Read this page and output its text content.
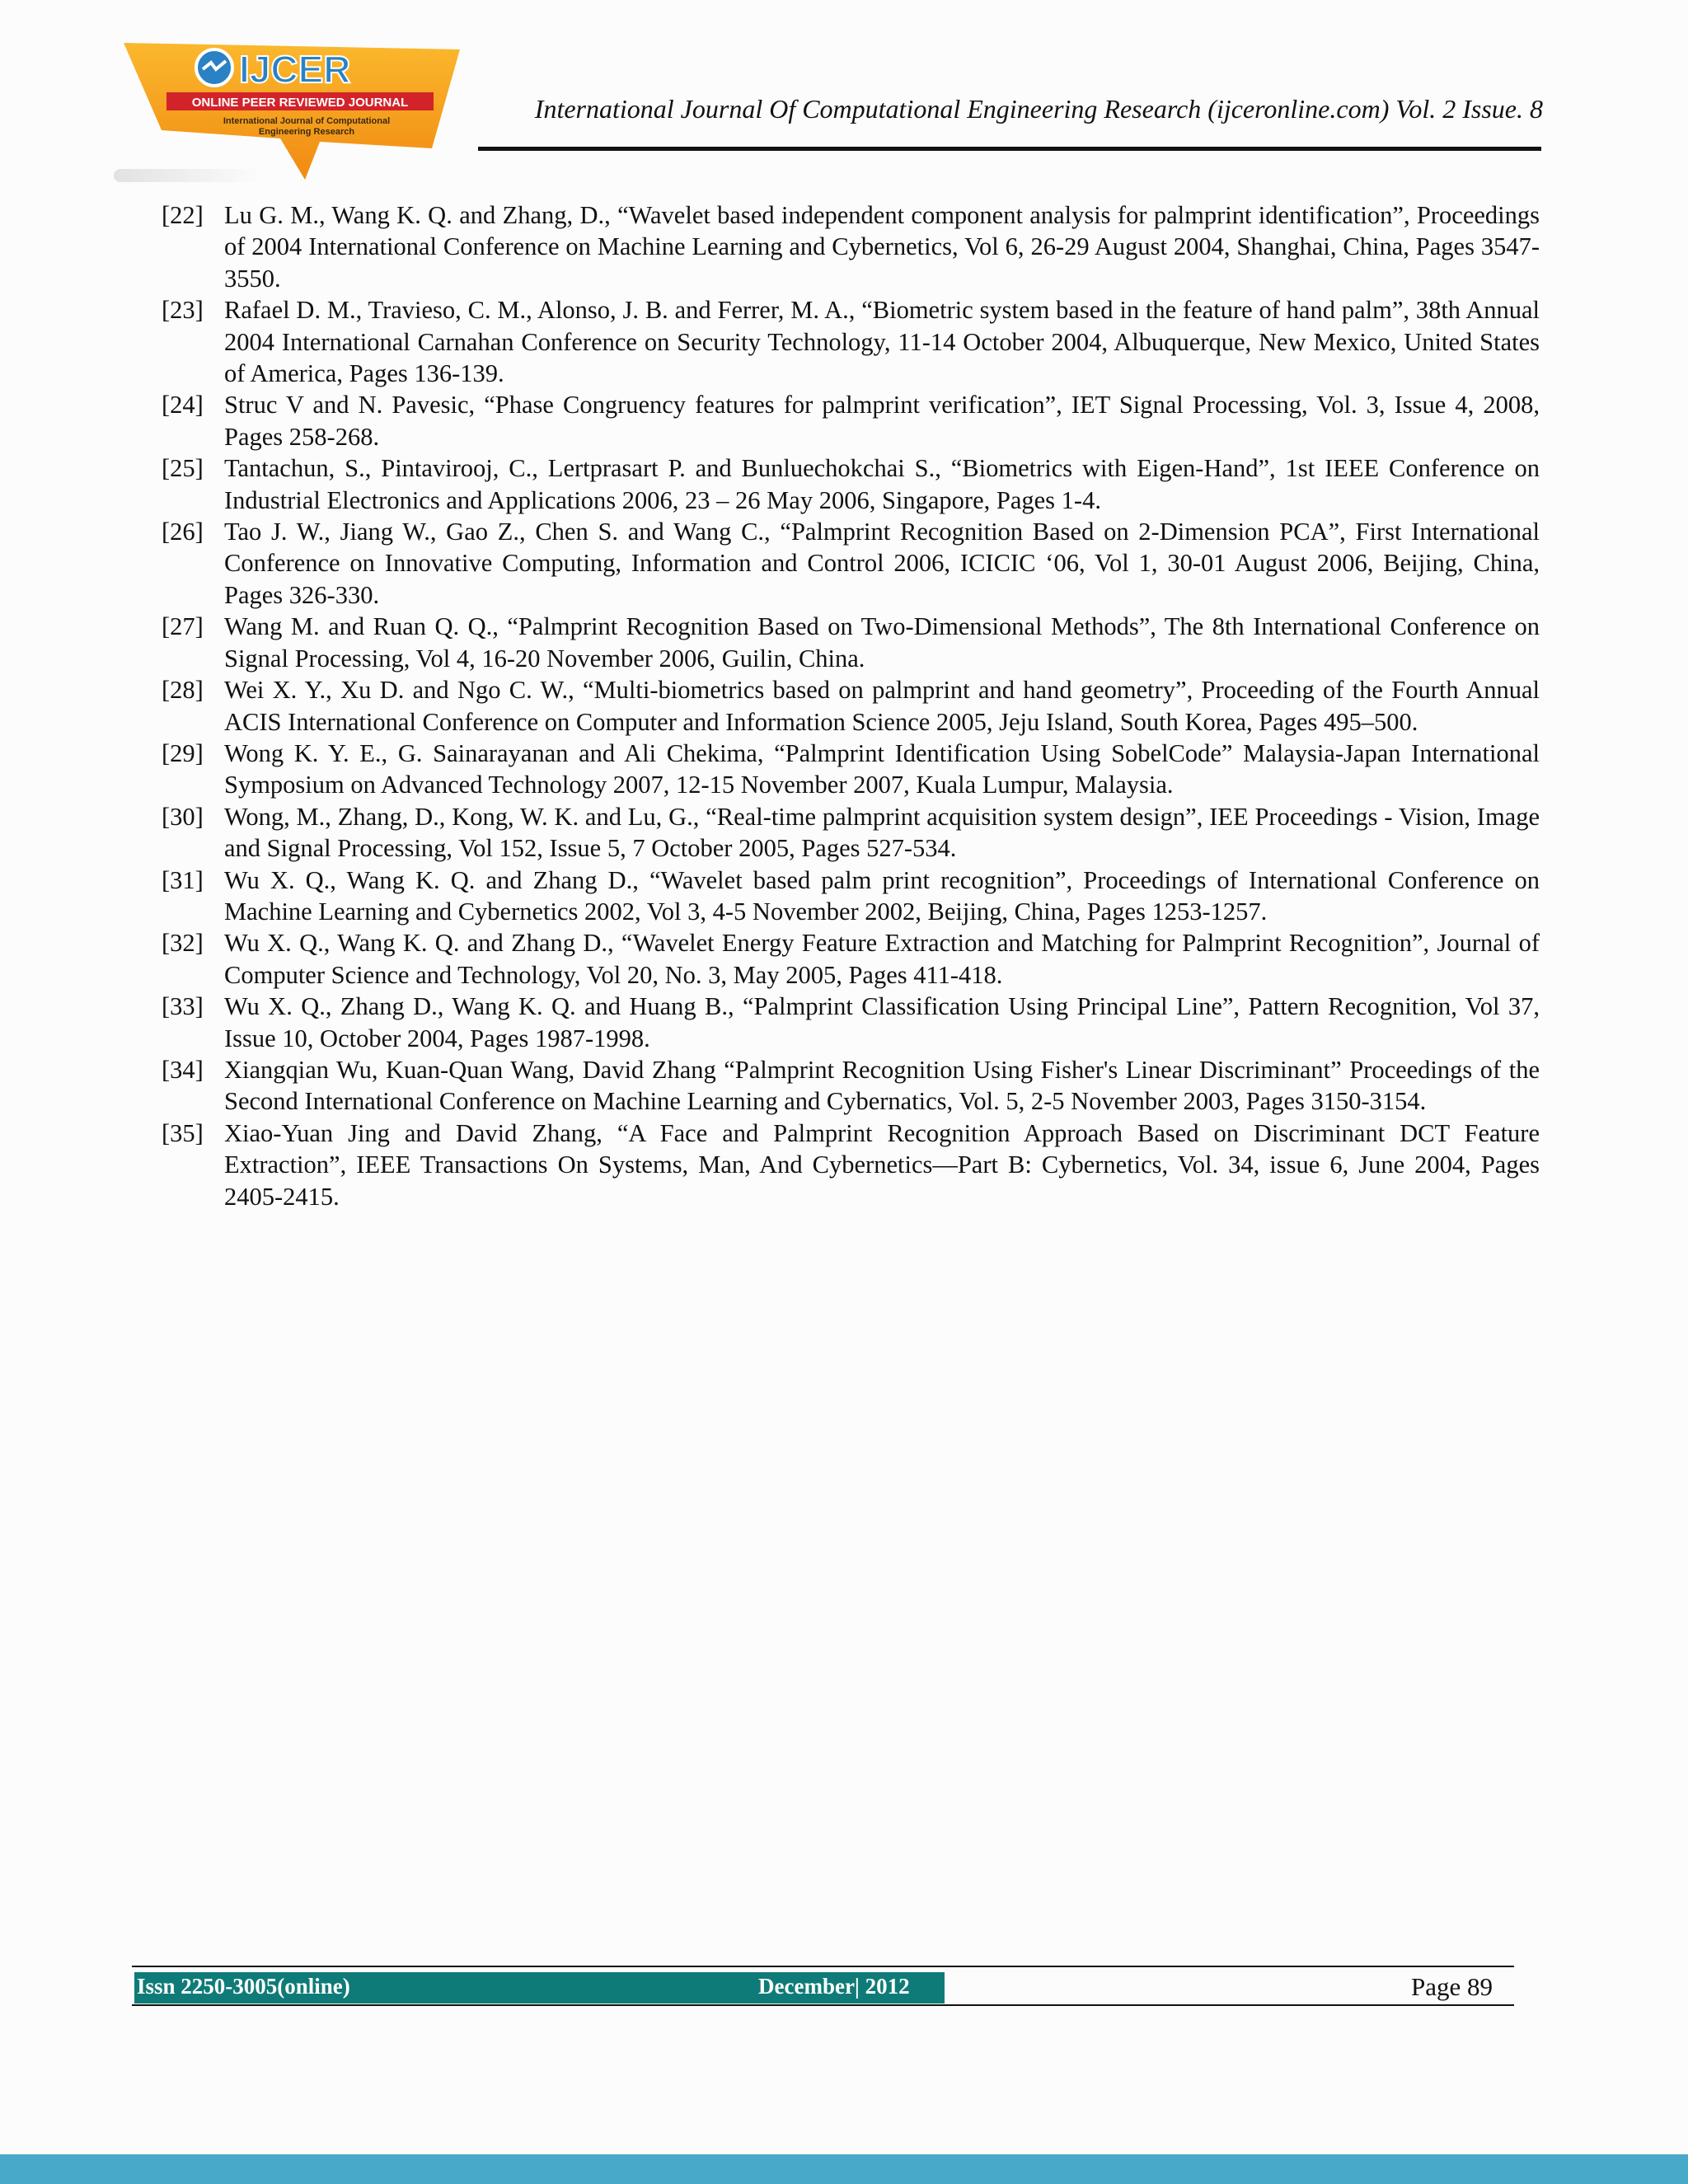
IJCER
ONLINE PEER REVIEWED JOURNAL
International Journal of Computational
Engineering Research
International Journal Of Computational Engineering Research (ijceronline.com) Vol. 2 Issue. 8
[22] Lu G. M., Wang K. Q. and Zhang, D., “Wavelet based independent component analysis for palmprint identification”, Proceedings of 2004 International Conference on Machine Learning and Cybernetics, Vol 6, 26-29 August 2004, Shanghai, China, Pages 3547-3550.
[23] Rafael D. M., Travieso, C. M., Alonso, J. B. and Ferrer, M. A., “Biometric system based in the feature of hand palm”, 38th Annual 2004 International Carnahan Conference on Security Technology, 11-14 October 2004, Albuquerque, New Mexico, United States of America, Pages 136-139.
[24] Struc V and N. Pavesic, “Phase Congruency features for palmprint verification”, IET Signal Processing, Vol. 3, Issue 4, 2008, Pages 258-268.
[25] Tantachun, S., Pintavirooj, C., Lertprasart P. and Bunluechokchai S., “Biometrics with Eigen-Hand”, 1st IEEE Conference on Industrial Electronics and Applications 2006, 23 – 26 May 2006, Singapore, Pages 1-4.
[26] Tao J. W., Jiang W., Gao Z., Chen S. and Wang C., “Palmprint Recognition Based on 2-Dimension PCA”, First International Conference on Innovative Computing, Information and Control 2006, ICICIC ‘06, Vol 1, 30-01 August 2006, Beijing, China, Pages 326-330.
[27] Wang M. and Ruan Q. Q., “Palmprint Recognition Based on Two-Dimensional Methods”, The 8th International Conference on Signal Processing, Vol 4, 16-20 November 2006, Guilin, China.
[28] Wei X. Y., Xu D. and Ngo C. W., “Multi-biometrics based on palmprint and hand geometry”, Proceeding of the Fourth Annual ACIS International Conference on Computer and Information Science 2005, Jeju Island, South Korea, Pages 495–500.
[29] Wong K. Y. E., G. Sainarayanan and Ali Chekima, “Palmprint Identification Using SobelCode” Malaysia-Japan International Symposium on Advanced Technology 2007, 12-15 November 2007, Kuala Lumpur, Malaysia.
[30] Wong, M., Zhang, D., Kong, W. K. and Lu, G., “Real-time palmprint acquisition system design”, IEE Proceedings - Vision, Image and Signal Processing, Vol 152, Issue 5, 7 October 2005, Pages 527-534.
[31] Wu X. Q., Wang K. Q. and Zhang D., “Wavelet based palm print recognition”, Proceedings of International Conference on Machine Learning and Cybernetics 2002, Vol 3, 4-5 November 2002, Beijing, China, Pages 1253-1257.
[32] Wu X. Q., Wang K. Q. and Zhang D., “Wavelet Energy Feature Extraction and Matching for Palmprint Recognition”, Journal of Computer Science and Technology, Vol 20, No. 3, May 2005, Pages 411-418.
[33] Wu X. Q., Zhang D., Wang K. Q. and Huang B., “Palmprint Classification Using Principal Line”, Pattern Recognition, Vol 37, Issue 10, October 2004, Pages 1987-1998.
[34] Xiangqian Wu, Kuan-Quan Wang, David Zhang “Palmprint Recognition Using Fisher's Linear Discriminant” Proceedings of the Second International Conference on Machine Learning and Cybernatics, Vol. 5, 2-5 November 2003, Pages 3150-3154.
[35] Xiao-Yuan Jing and David Zhang, “A Face and Palmprint Recognition Approach Based on Discriminant DCT Feature Extraction”, IEEE Transactions On Systems, Man, And Cybernetics—Part B: Cybernetics, Vol. 34, issue 6, June 2004, Pages 2405-2415.
Issn 2250-3005(online)	December| 2012	Page 89
